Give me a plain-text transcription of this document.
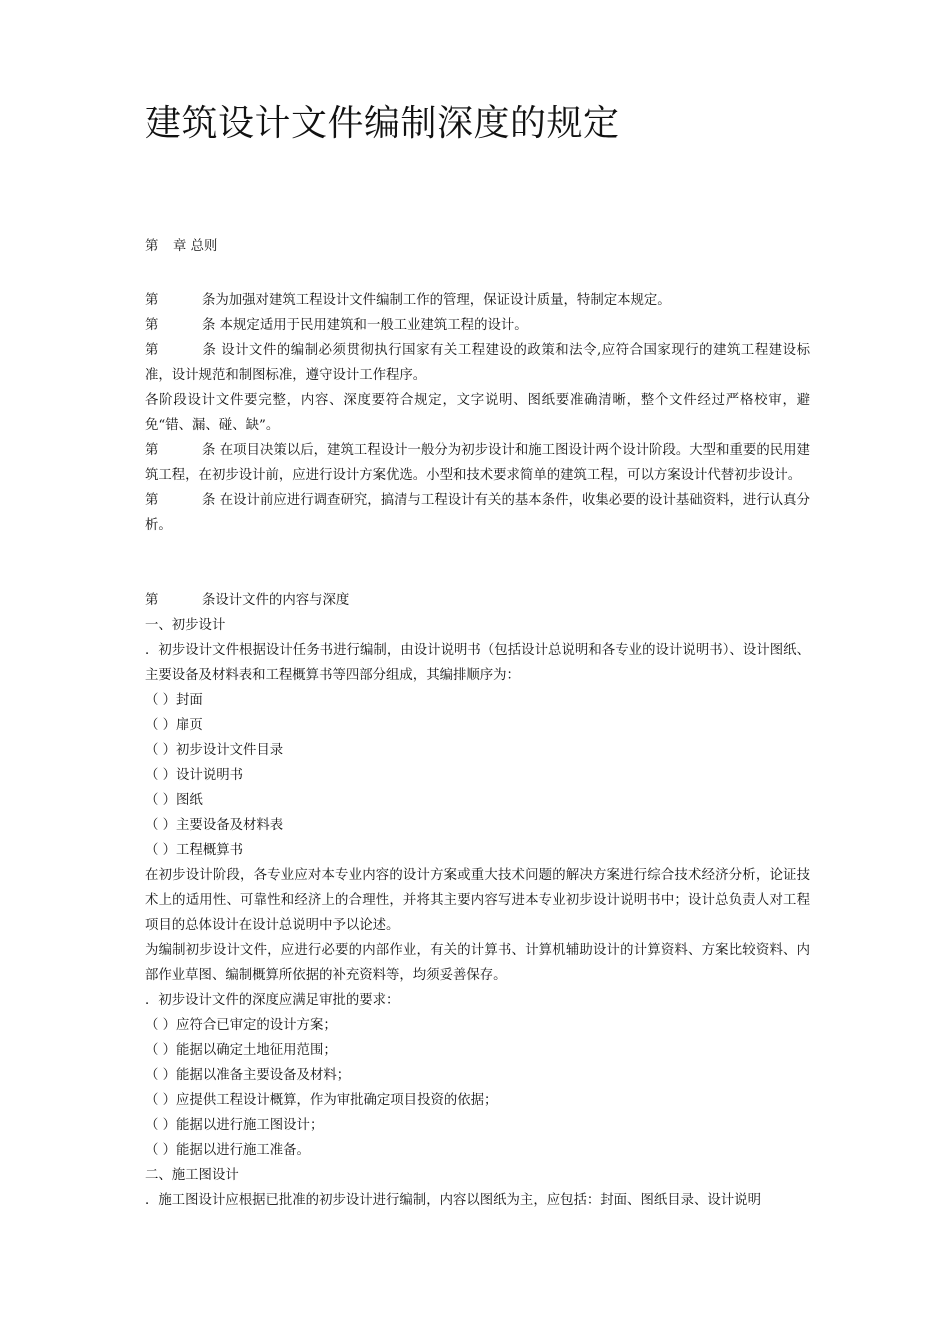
建筑设计文件编制深度的规定

第 章 总则

第	条为加强对建筑工程设计文件编制工作的管理，保证设计质量，特制定本规定。

第	条 本规定适用于民用建筑和一般工业建筑工程的设计。

第	条 设计文件的编制必须贯彻执行国家有关工程建设的政策和法令,应符合国家现行的建筑工程建设标准，设计规范和制图标准，遵守设计工作程序。

各阶段设计文件要完整，内容、深度要符合规定，文字说明、图纸要准确清晰，整个文件经过严格校审，避免“错、漏、碰、缺”。

第	条 在项目决策以后，建筑工程设计一般分为初步设计和施工图设计两个设计阶段。大型和重要的民用建筑工程，在初步设计前，应进行设计方案优选。小型和技术要求简单的建筑工程，可以方案设计代替初步设计。

第	条 在设计前应进行调查研究，搞清与工程设计有关的基本条件，收集必要的设计基础资料，进行认真分析。

第	条设计文件的内容与深度

一、初步设计

．初步设计文件根据设计任务书进行编制，由设计说明书（包括设计总说明和各专业的设计说明书）、设计图纸、主要设备及材料表和工程概算书等四部分组成，其编排顺序为：

（ ）封面

（ ）扉页

（ ）初步设计文件目录

（ ）设计说明书

（ ）图纸

（ ）主要设备及材料表

（ ）工程概算书

在初步设计阶段，各专业应对本专业内容的设计方案或重大技术问题的解决方案进行综合技术经济分析，论证技术上的适用性、可靠性和经济上的合理性，并将其主要内容写进本专业初步设计说明书中；设计总负责人对工程项目的总体设计在设计总说明中予以论述。

为编制初步设计文件，应进行必要的内部作业，有关的计算书、计算机辅助设计的计算资料、方案比较资料、内部作业草图、编制概算所依据的补充资料等，均须妥善保存。

．初步设计文件的深度应满足审批的要求：

（ ）应符合已审定的设计方案；

（ ）能据以确定土地征用范围；

（ ）能据以准备主要设备及材料；

（ ）应提供工程设计概算，作为审批确定项目投资的依据；

（ ）能据以进行施工图设计；

（ ）能据以进行施工准备。

二、施工图设计

．施工图设计应根据已批准的初步设计进行编制，内容以图纸为主，应包括：封面、图纸目录、设计说明
